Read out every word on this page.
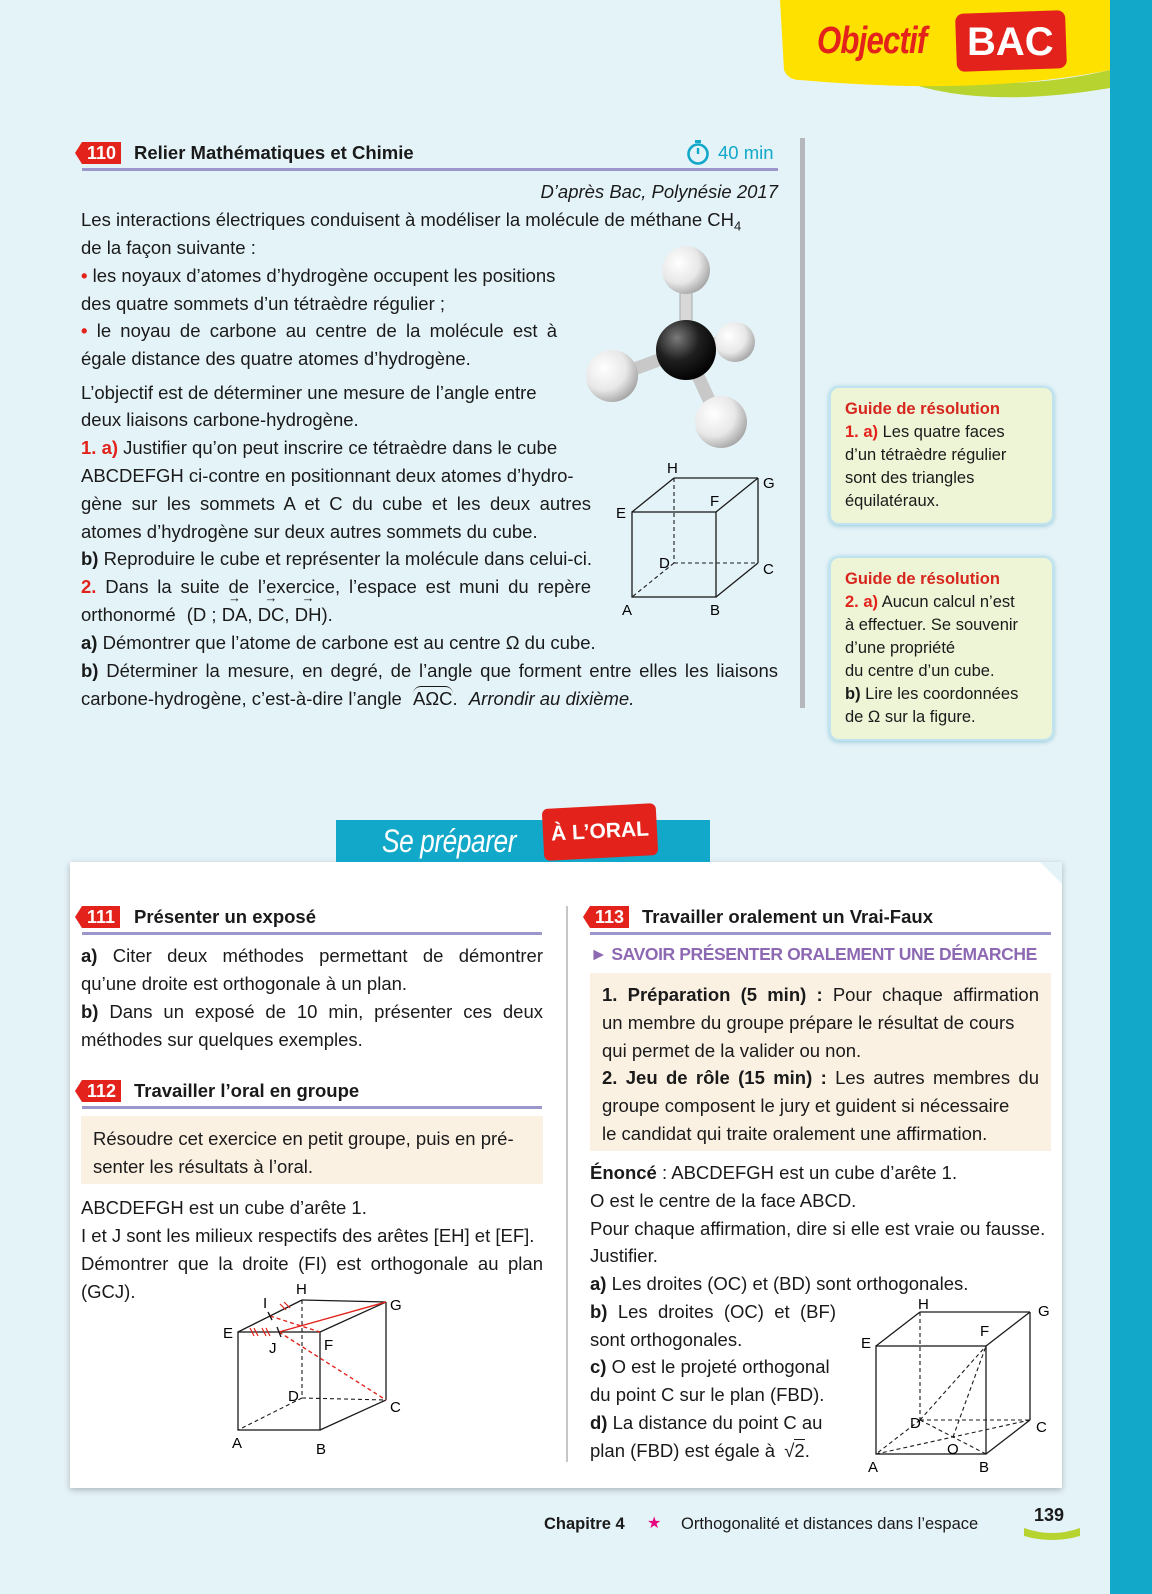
Objectif BAC
110 Relier Mathématiques et Chimie	40 min
D’après Bac, Polynésie 2017
Les interactions électriques conduisent à modéliser la molécule de méthane $CH_4$
de la façon suivante :
• les noyaux d’atomes d’hydrogène occupent les positions
des quatre sommets d’un tétraèdre régulier ;
• le noyau de carbone au centre de la molécule est à
égale distance des quatre atomes d’hydrogène.
L’objectif est de déterminer une mesure de l’angle entre
deux liaisons carbone-hydrogène.
1. a) Justifier qu’on peut inscrire ce tétraèdre dans le cube
ABCDEFGH ci-contre en positionnant deux atomes d’hydro-
gène sur les sommets A et C du cube et les deux autres
atomes d’hydrogène sur deux autres sommets du cube.
b) Reproduire le cube et représenter la molécule dans celui-ci.
2. Dans la suite de l’exercice, l’espace est muni du repère
orthonormé (D ; DA →, DC →, DH →).
a) Démontrer que l’atome de carbone est au centre Ω du cube.
b) Déterminer la mesure, en degré, de l’angle que forment entre elles les liaisons
carbone-hydrogène, c’est-à-dire l’angle AΩC. Arrondir au dixième.
H
G
F
E
D	C
A	B
Guide de résolution
1. a) Les quatre faces
d’un tétraèdre régulier
sont des triangles
équilatéraux.
Guide de résolution
2. a) Aucun calcul n’est
à effectuer. Se souvenir
d’une propriété
du centre d’un cube.
b) Lire les coordonnées
de Ω sur la figure.
Se préparer	À L’ORAL
111 Présenter un exposé
a) Citer deux méthodes permettant de démontrer
qu’une droite est orthogonale à un plan.
b) Dans un exposé de 10 min, présenter ces deux
méthodes sur quelques exemples.
112 Travailler l’oral en groupe
Résoudre cet exercice en petit groupe, puis en pré-
senter les résultats à l’oral.
ABCDEFGH est un cube d’arête 1.
I et J sont les milieux respectifs des arêtes [EH] et [EF].
Démontrer que la droite (FI) est orthogonale au plan
(GCJ).	H
I	G
E
J	F
D
C
A	B
113 Travailler oralement un Vrai-Faux
► SAVOIR PRÉSENTER ORALEMENT UNE DÉMARCHE
1. Préparation (5 min) : Pour chaque affirmation
un membre du groupe prépare le résultat de cours
qui permet de la valider ou non.
2. Jeu de rôle (15 min) : Les autres membres du
groupe composent le jury et guident si nécessaire
le candidat qui traite oralement une affirmation.
Énoncé : ABCDEFGH est un cube d’arête 1.
O est le centre de la face ABCD.
Pour chaque affirmation, dire si elle est vraie ou fausse.
Justifier.
a) Les droites (OC) et (BD) sont orthogonales.
b) Les droites (OC) et (BF)
sont orthogonales.
c) O est le projeté orthogonal
du point C sur le plan (FBD).
d) La distance du point C au
plan (FBD) est égale à √2.
H	G
F
E
D	C
O
A	B
Chapitre 4 ★ Orthogonalité et distances dans l’espace	139
